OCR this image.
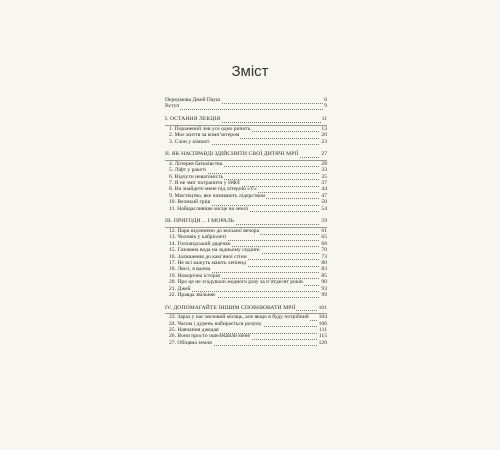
Зміст
Передмова Джей Пауш	6
Вступ	9
I. ОСТАННЯ ЛЕКЦІЯ	11
1. Поранений лев усе одно ричить	13
2. Моє життя за комп’ютером	20
3. Слон у кімнаті	23
II. ЯК НАСПРАВДІ ЗДІЙСНИТИ СВОЇ ДИТЯЧІ МРІЇ	27
4. Лотерея батьківства	28
5. Ліфт у ракеті	33
6. Відчути невагомість	35
7. Я не зміг потрапити у НФЛ	37
8. Ви знайдете мене під літерою «V»	44
9. Мистецтво, яке називають лідерством	47
10. Великий гріш	50
11. Найщасливіше місце на землі	54
III. ПРИГОДИ… І МОРАЛЬ	59
12. Парк відчинено до восьмої вечора	61
13. Чоловік у кабріолеті	65
14. Голландський дядечко	68
15. Газована вода на задньому сидінні	70
16. Залишення до кам’яної стіни	73
17. Не всі кажуть мають хепіенд	80
18. Люсі, я вдома	83
19. Новорічна історія	85
20. Про це не згадували жодного разу за п’ятдесят років	90
21. Джей	93
22. Правда звільняє	99
IV. ДОПОМАГАЙТЕ ІНШИМ СПОВНЮВАТИ МРІЇ	101
23. Зараз у нас меловий місяць, але якщо я буду потрібний 104
24. Часом і дурень набирається розуму	106
25. Навчання джедая	111
26. Вони просто ошелешили мене	115
27. Обіцяна земля	120
